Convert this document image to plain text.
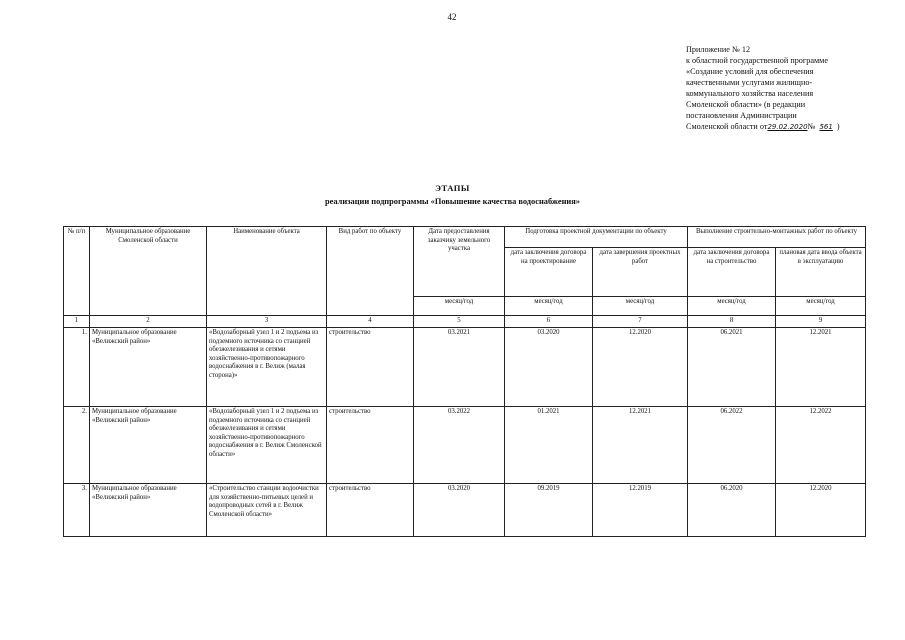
42
Приложение № 12
к областной государственной программе
«Создание условий для обеспечения
качественными услугами жилищно-
коммунального хозяйства населения
Смоленской области» (в редакции
постановления Администрации
Смоленской области от29.02.2020№ 561 )
ЭТАПЫ
реализации подпрограммы «Повышение качества водоснабжения»
№ п/п	Муниципальное образование Смоленской области	Наименование объекта	Вид работ по объекту	Дата предоставления заказчику земельного участка	Подготовка проектной документации по объекту		Выполнение строительно-монтажных работ по объекту	
					дата заключения договора на проектирование	дата завершения проектных работ	дата заключения договора на строительство	плановая дата ввода объекта в эксплуатацию
				месяц/год	месяц/год	месяц/год	месяц/год	месяц/год
1	2	3	4	5	6	7	8	9
1.	Муниципальное образование «Велижский район»	«Водозаборный узел 1 и 2 подъема из подземного источника со станцией обезжелезивания и сетями хозяйственно-противопожарного водоснабжения в г. Велиж (малая сторона)»	строительство	03.2021	03.2020	12.2020	06.2021	12.2021
2.	Муниципальное образование «Велижский район»	«Водозаборный узел 1 и 2 подъема из подземного источника со станцией обезжелезивания и сетями хозяйственно-противопожарного водоснабжения в г. Велиж Смоленской области»	строительство	03.2022	01.2021	12.2021	06.2022	12.2022
3.	Муниципальное образование «Велижский район»	«Строительство станции водоочистки для хозяйственно-питьевых целей и водопроводных сетей в г. Велиж Смоленской области»	строительство	03.2020	09.2019	12.2019	06.2020	12.2020
